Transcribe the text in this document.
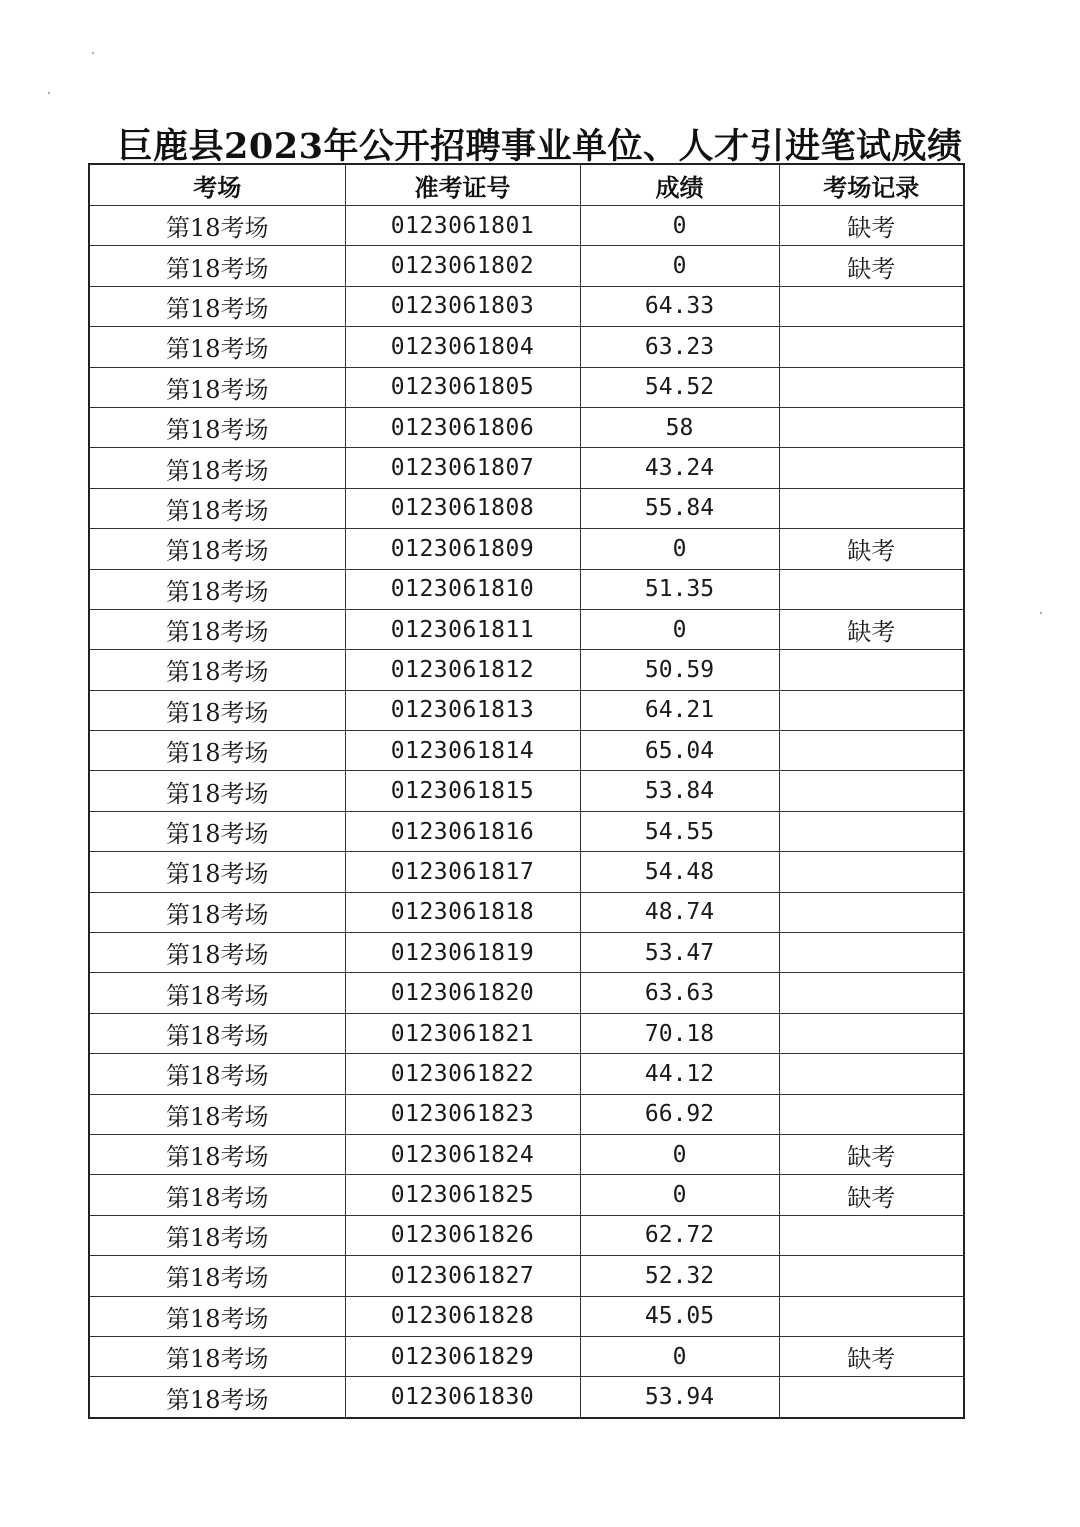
巨鹿县2023年公开招聘事业单位、人才引进笔试成绩
考场	准考证号	成绩	考场记录
第18考场	0123061801	0	缺考
第18考场	0123061802	0	缺考
第18考场	0123061803	64.33	
第18考场	0123061804	63.23	
第18考场	0123061805	54.52	
第18考场	0123061806	58	
第18考场	0123061807	43.24	
第18考场	0123061808	55.84	
第18考场	0123061809	0	缺考
第18考场	0123061810	51.35	
第18考场	0123061811	0	缺考
第18考场	0123061812	50.59	
第18考场	0123061813	64.21	
第18考场	0123061814	65.04	
第18考场	0123061815	53.84	
第18考场	0123061816	54.55	
第18考场	0123061817	54.48	
第18考场	0123061818	48.74	
第18考场	0123061819	53.47	
第18考场	0123061820	63.63	
第18考场	0123061821	70.18	
第18考场	0123061822	44.12	
第18考场	0123061823	66.92	
第18考场	0123061824	0	缺考
第18考场	0123061825	0	缺考
第18考场	0123061826	62.72	
第18考场	0123061827	52.32	
第18考场	0123061828	45.05	
第18考场	0123061829	0	缺考
第18考场	0123061830	53.94	
